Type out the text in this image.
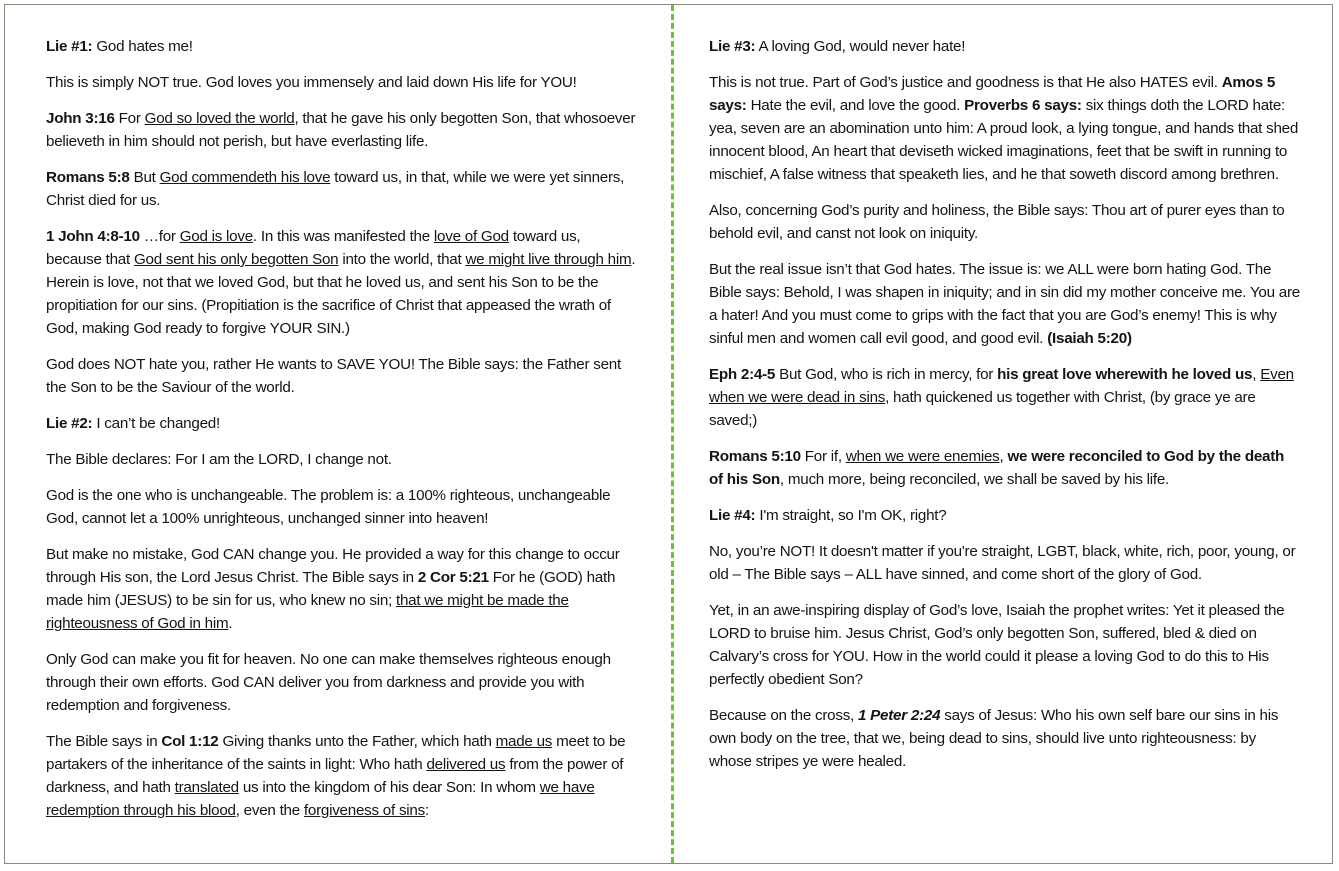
Lie #1: God hates me!

This is simply NOT true. God loves you immensely and laid down His life for YOU!

John 3:16 For God so loved the world, that he gave his only begotten Son, that whosoever believeth in him should not perish, but have everlasting life.

Romans 5:8 But God commendeth his love toward us, in that, while we were yet sinners, Christ died for us.

1 John 4:8-10 …for God is love. In this was manifested the love of God toward us, because that God sent his only begotten Son into the world, that we might live through him. Herein is love, not that we loved God, but that he loved us, and sent his Son to be the propitiation for our sins. (Propitiation is the sacrifice of Christ that appeased the wrath of God, making God ready to forgive YOUR SIN.)

God does NOT hate you, rather He wants to SAVE YOU! The Bible says: the Father sent the Son to be the Saviour of the world.

Lie #2: I can’t be changed!

The Bible declares: For I am the LORD, I change not.

God is the one who is unchangeable. The problem is: a 100% righteous, unchangeable God, cannot let a 100% unrighteous, unchanged sinner into heaven!

But make no mistake, God CAN change you. He provided a way for this change to occur through His son, the Lord Jesus Christ. The Bible says in 2 Cor 5:21 For he (GOD) hath made him (JESUS) to be sin for us, who knew no sin; that we might be made the righteousness of God in him.

Only God can make you fit for heaven. No one can make themselves righteous enough through their own efforts. God CAN deliver you from darkness and provide you with redemption and forgiveness.

The Bible says in Col 1:12 Giving thanks unto the Father, which hath made us meet to be partakers of the inheritance of the saints in light: Who hath delivered us from the power of darkness, and hath translated us into the kingdom of his dear Son: In whom we have redemption through his blood, even the forgiveness of sins:

Lie #3: A loving God, would never hate!

This is not true. Part of God’s justice and goodness is that He also HATES evil. Amos 5 says: Hate the evil, and love the good. Proverbs 6 says: six things doth the LORD hate: yea, seven are an abomination unto him: A proud look, a lying tongue, and hands that shed innocent blood, An heart that deviseth wicked imaginations, feet that be swift in running to mischief, A false witness that speaketh lies, and he that soweth discord among brethren.

Also, concerning God’s purity and holiness, the Bible says: Thou art of purer eyes than to behold evil, and canst not look on iniquity.

But the real issue isn’t that God hates. The issue is: we ALL were born hating God. The Bible says: Behold, I was shapen in iniquity; and in sin did my mother conceive me. You are a hater! And you must come to grips with the fact that you are God’s enemy! This is why sinful men and women call evil good, and good evil. (Isaiah 5:20)

Eph 2:4-5 But God, who is rich in mercy, for his great love wherewith he loved us, Even when we were dead in sins, hath quickened us together with Christ, (by grace ye are saved;)

Romans 5:10 For if, when we were enemies, we were reconciled to God by the death of his Son, much more, being reconciled, we shall be saved by his life.

Lie #4: I'm straight, so I'm OK, right?

No, you’re NOT! It doesn't matter if you're straight, LGBT, black, white, rich, poor, young, or old – The Bible says – ALL have sinned, and come short of the glory of God.

Yet, in an awe-inspiring display of God’s love, Isaiah the prophet writes: Yet it pleased the LORD to bruise him. Jesus Christ, God’s only begotten Son, suffered, bled & died on Calvary’s cross for YOU. How in the world could it please a loving God to do this to His perfectly obedient Son?

Because on the cross, 1 Peter 2:24 says of Jesus: Who his own self bare our sins in his own body on the tree, that we, being dead to sins, should live unto righteousness: by whose stripes ye were healed.
